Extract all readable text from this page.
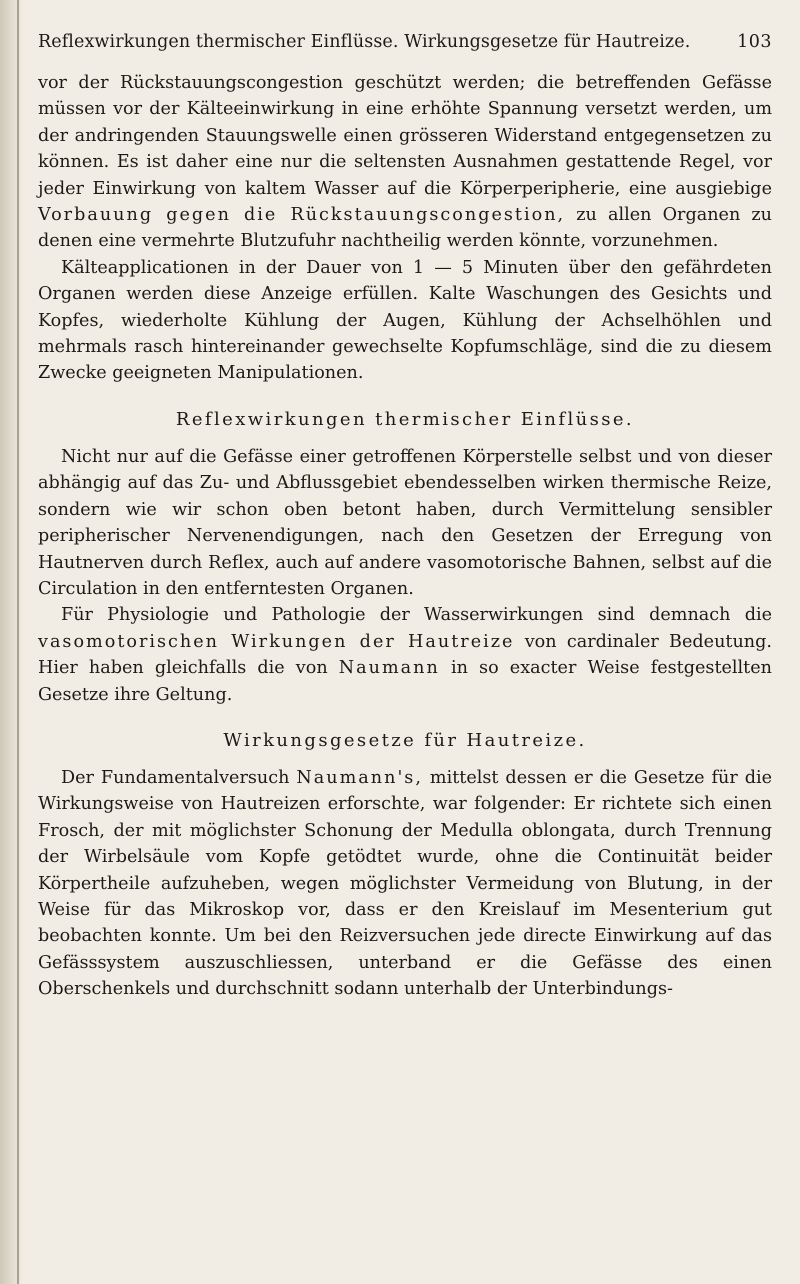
Reflexwirkungen thermischer Einflüsse. Wirkungsgesetze für Hautreize.	103

vor der Rückstauungscongestion geschützt werden; die betreffenden Gefässe müssen vor der Kälteeinwirkung in eine erhöhte Spannung versetzt werden, um der andringenden Stauungswelle einen grösseren Widerstand entgegensetzen zu können. Es ist daher eine nur die seltensten Ausnahmen gestattende Regel, vor jeder Einwirkung von kaltem Wasser auf die Körperperipherie, eine ausgiebige Vorbauung gegen die Rückstauungscongestion, zu allen Organen zu denen eine vermehrte Blutzufuhr nachtheilig werden könnte, vorzunehmen.

Kälteapplicationen in der Dauer von 1 — 5 Minuten über den gefährdeten Organen werden diese Anzeige erfüllen. Kalte Waschungen des Gesichts und Kopfes, wiederholte Kühlung der Augen, Kühlung der Achselhöhlen und mehrmals rasch hintereinander gewechselte Kopfumschläge, sind die zu diesem Zwecke geeigneten Manipulationen.

Reflexwirkungen thermischer Einflüsse.

Nicht nur auf die Gefässe einer getroffenen Körperstelle selbst und von dieser abhängig auf das Zu- und Abflussgebiet ebendesselben wirken thermische Reize, sondern wie wir schon oben betont haben, durch Vermittelung sensibler peripherischer Nervenendigungen, nach den Gesetzen der Erregung von Hautnerven durch Reflex, auch auf andere vasomotorische Bahnen, selbst auf die Circulation in den entferntesten Organen.

Für Physiologie und Pathologie der Wasserwirkungen sind demnach die vasomotorischen Wirkungen der Hautreize von cardinaler Bedeutung. Hier haben gleichfalls die von Naumann in so exacter Weise festgestellten Gesetze ihre Geltung.

Wirkungsgesetze für Hautreize.

Der Fundamentalversuch Naumann's, mittelst dessen er die Gesetze für die Wirkungsweise von Hautreizen erforschte, war folgender: Er richtete sich einen Frosch, der mit möglichster Schonung der Medulla oblongata, durch Trennung der Wirbelsäule vom Kopfe getödtet wurde, ohne die Continuität beider Körpertheile aufzuheben, wegen möglichster Vermeidung von Blutung, in der Weise für das Mikroskop vor, dass er den Kreislauf im Mesenterium gut beobachten konnte. Um bei den Reizversuchen jede directe Einwirkung auf das Gefässsystem auszuschliessen, unterband er die Gefässe des einen Oberschenkels und durchschnitt sodann unterhalb der Unterbindungs-
